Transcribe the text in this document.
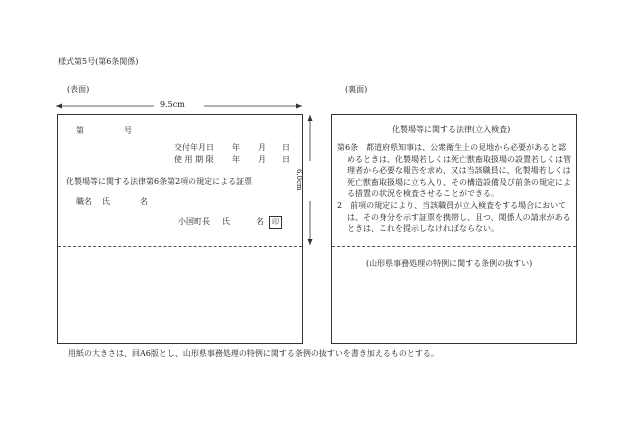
様式第5号(第6条関係)
(表面)	(裏面)
9.5cm
第	号
交付年月日 年 月 日
使 用 期 限 年 月 日
化製場等に関する法律第6条第2項の規定による証票
職名 氏	名
小国町長 氏	名	印
6.0cm
化製場等に関する法律(立入検査)

第6条　都道府県知事は、公衆衛生上の見地から必要があると認

めるときは、化製場若しくは死亡獣畜取扱場の設置若しくは管

理者から必要な報告を求め、又は当該職員に、化製場若しくは

死亡獣畜取扱場に立ち入り、その構造設備及び前条の規定によ

る措置の状況を検査させることができる。

2　前項の規定により、当該職員が立入検査をする場合において

は、その身分を示す証票を携帯し、且つ、関係人の請求がある

ときは、これを提示しなければならない。

(山形県事務処理の特例に関する条例の抜すい)
用紙の大きさは、回A6版とし、山形県事務処理の特例に関する条例の抜すいを書き加えるものとする。
